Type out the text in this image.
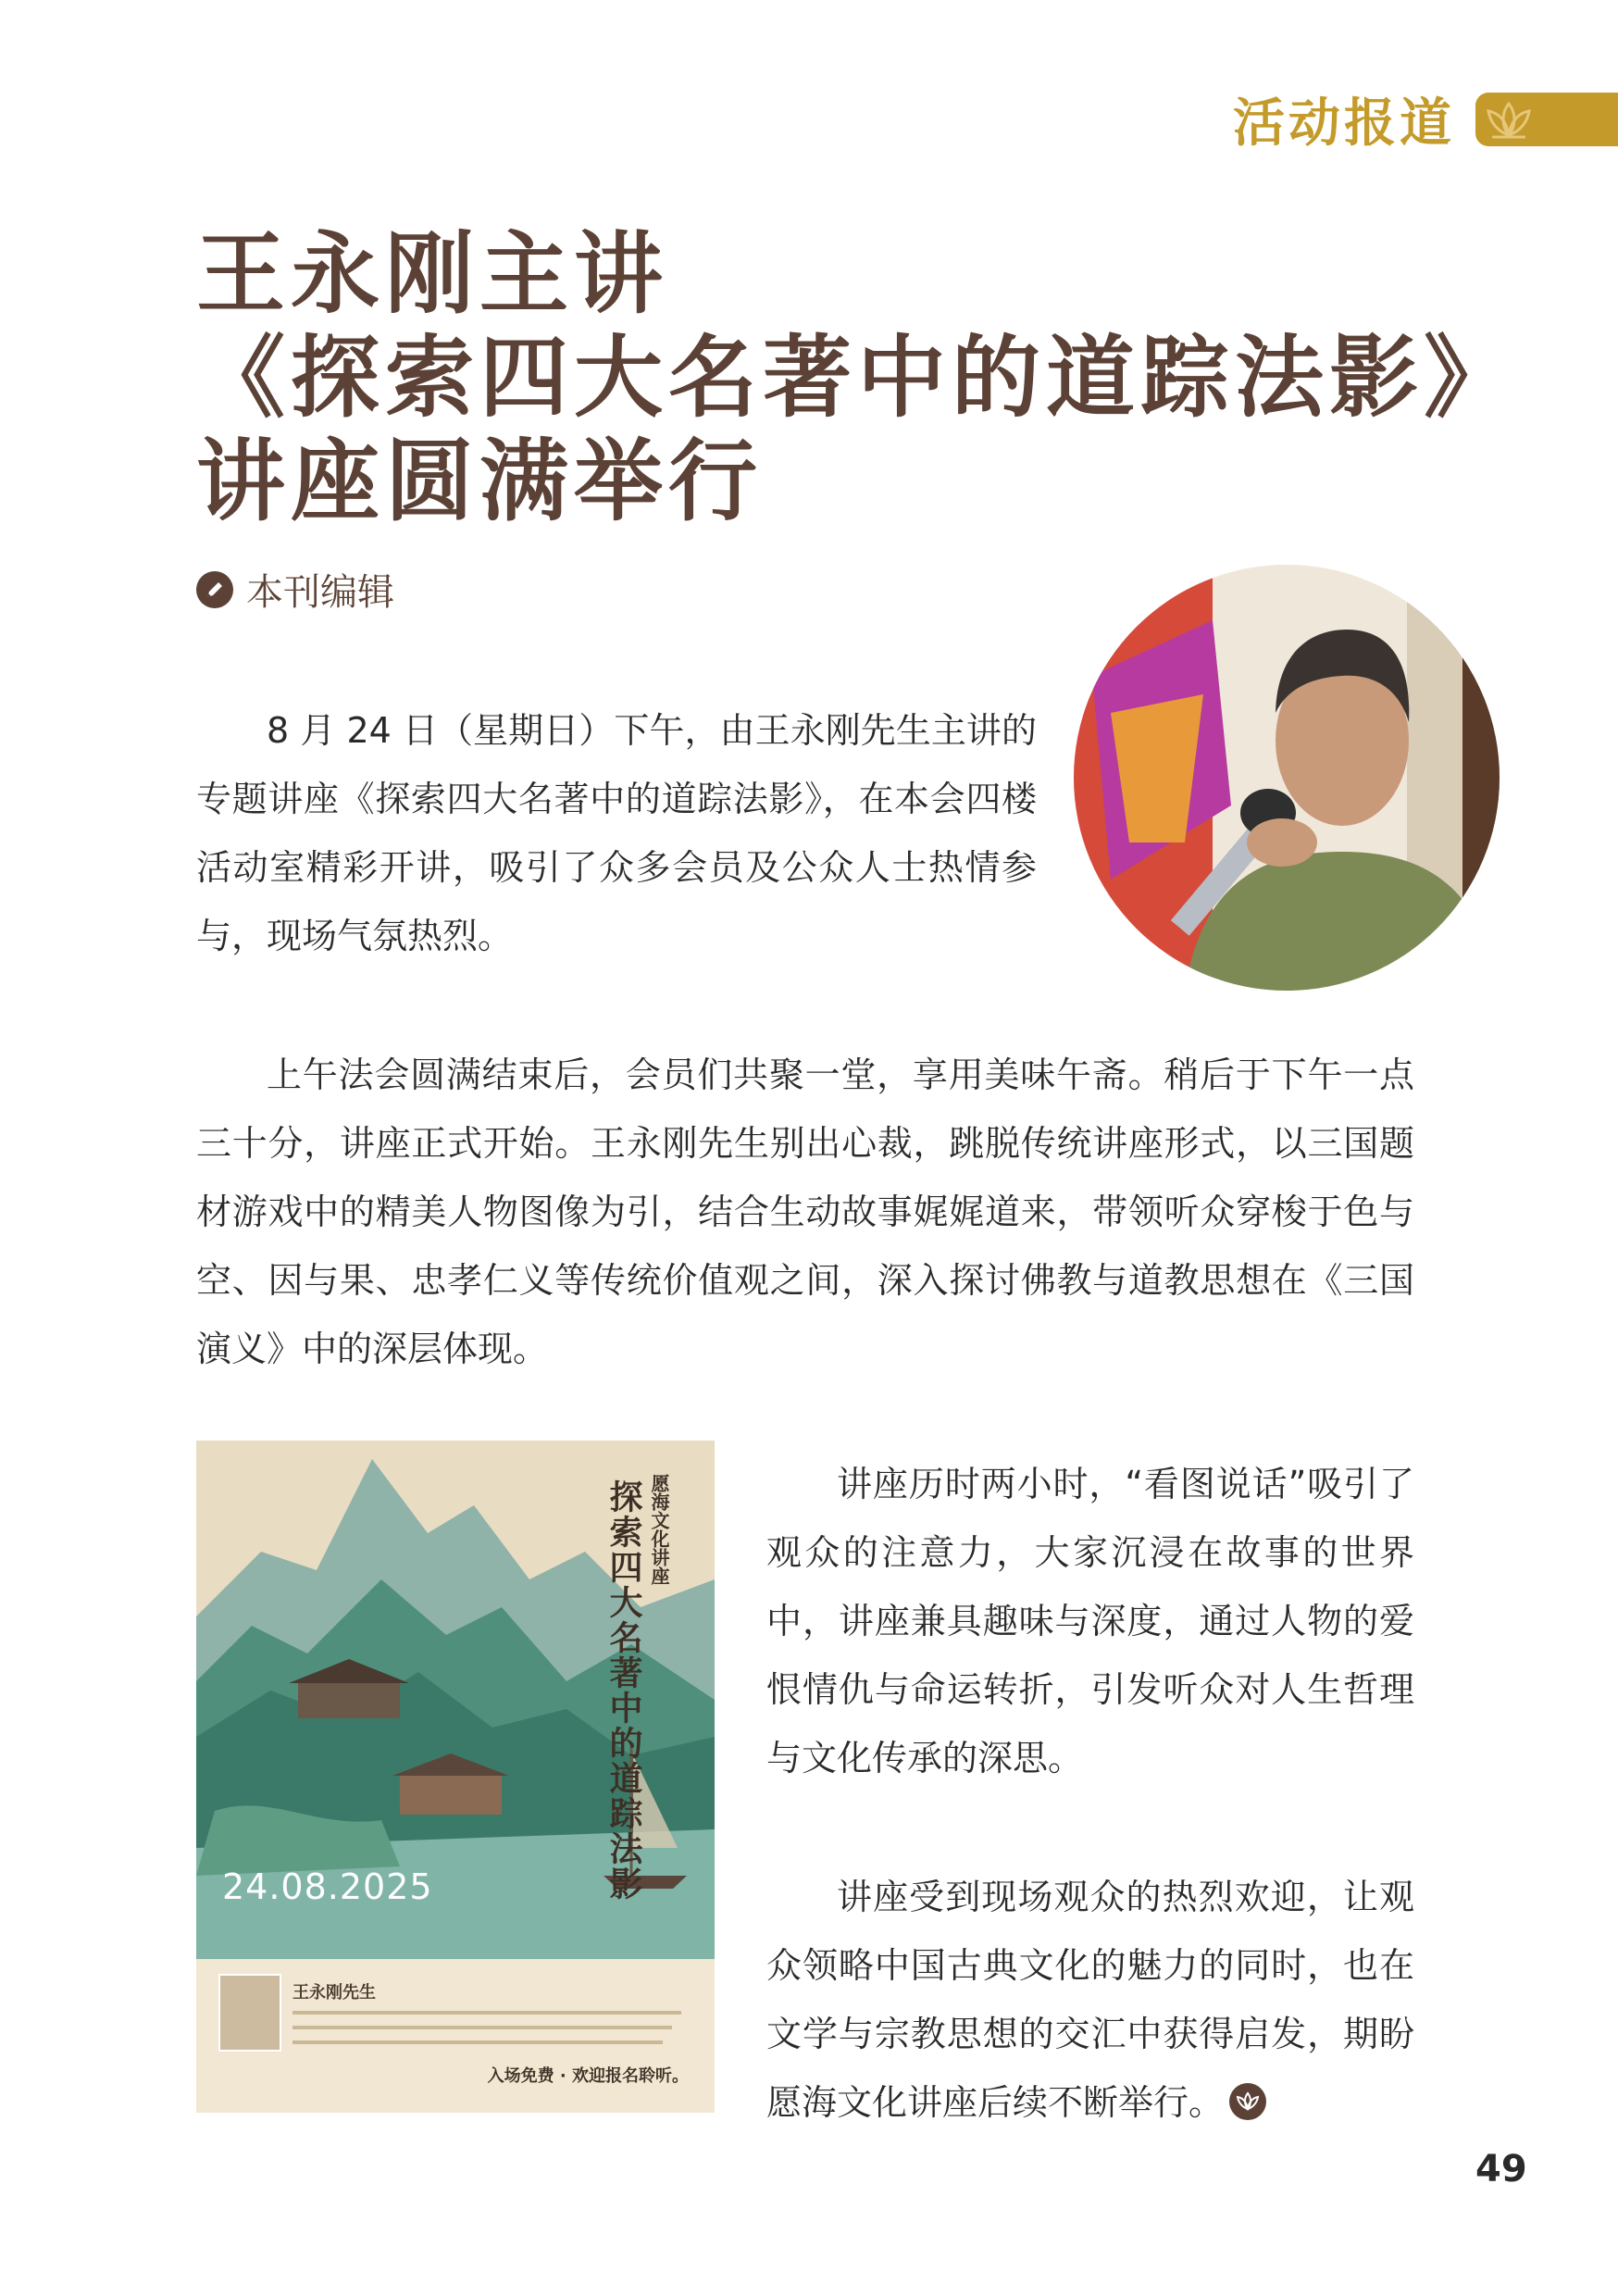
活动报道
王永刚主讲
《探索四大名著中的道踪法影》
讲座圆满举行
本刊编辑
8 月 24 日（星期日）下午，由王永刚先生主讲的专题讲座《探索四大名著中的道踪法影》，在本会四楼活动室精彩开讲，吸引了众多会员及公众人士热情参与，现场气氛热烈。
上午法会圆满结束后，会员们共聚一堂，享用美味午斋。稍后于下午一点三十分，讲座正式开始。王永刚先生别出心裁，跳脱传统讲座形式，以三国题材游戏中的精美人物图像为引，结合生动故事娓娓道来，带领听众穿梭于色与空、因与果、忠孝仁义等传统价值观之间，深入探讨佛教与道教思想在《三国演义》中的深层体现。
愿海文化讲座
探索四大名著中的道踪法影
24.08.2025
王永刚先生
入场免费 · 欢迎报名聆听。
讲座历时两小时，“看图说话”吸引了观众的注意力，大家沉浸在故事的世界中，讲座兼具趣味与深度，通过人物的爱恨情仇与命运转折，引发听众对人生哲理与文化传承的深思。
讲座受到现场观众的热烈欢迎，让观众领略中国古典文化的魅力的同时，也在文学与宗教思想的交汇中获得启发，期盼愿海文化讲座后续不断举行。
49
